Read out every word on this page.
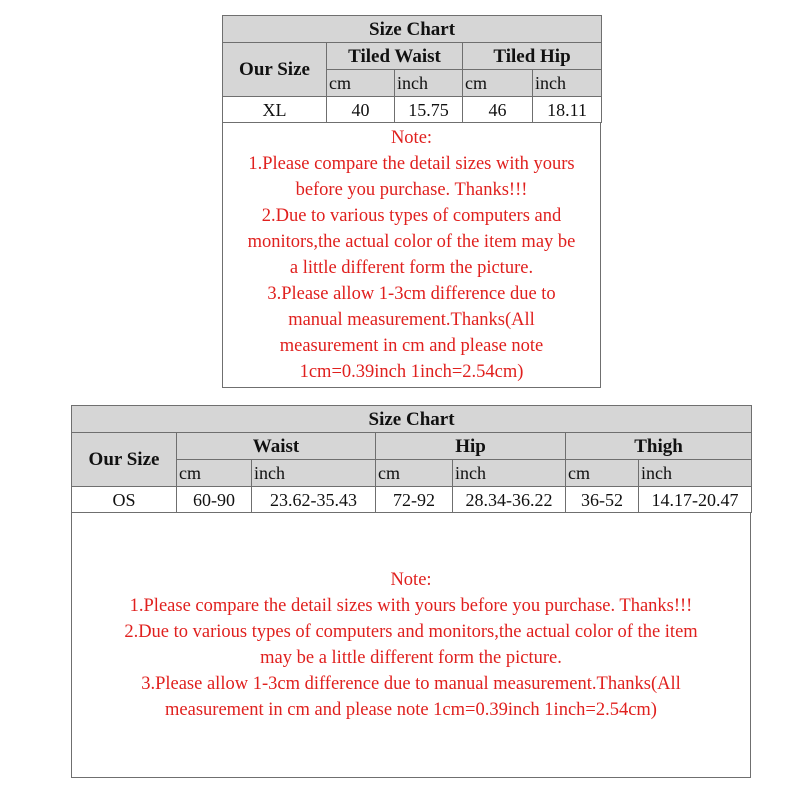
Size Chart				
Our Size	Tiled Waist		Tiled Hip	
	cm	inch	cm	inch
XL	40	15.75	46	18.11
Note:
1.Please compare the detail sizes with yours
before you purchase. Thanks!!!
2.Due to various types of computers and
monitors,the actual color of the item may be
a little different form the picture.
3.Please allow 1-3cm difference due to
manual measurement.Thanks(All
measurement in cm and please note
1cm=0.39inch 1inch=2.54cm)
Size Chart						
Our Size	Waist		Hip		Thigh	
	cm	inch	cm	inch	cm	inch
OS	60-90	23.62-35.43	72-92	28.34-36.22	36-52	14.17-20.47
Note:
1.Please compare the detail sizes with yours before you purchase. Thanks!!!
2.Due to various types of computers and monitors,the actual color of the item
may be a little different form the picture.
3.Please allow 1-3cm difference due to manual measurement.Thanks(All
measurement in cm and please note 1cm=0.39inch 1inch=2.54cm)
